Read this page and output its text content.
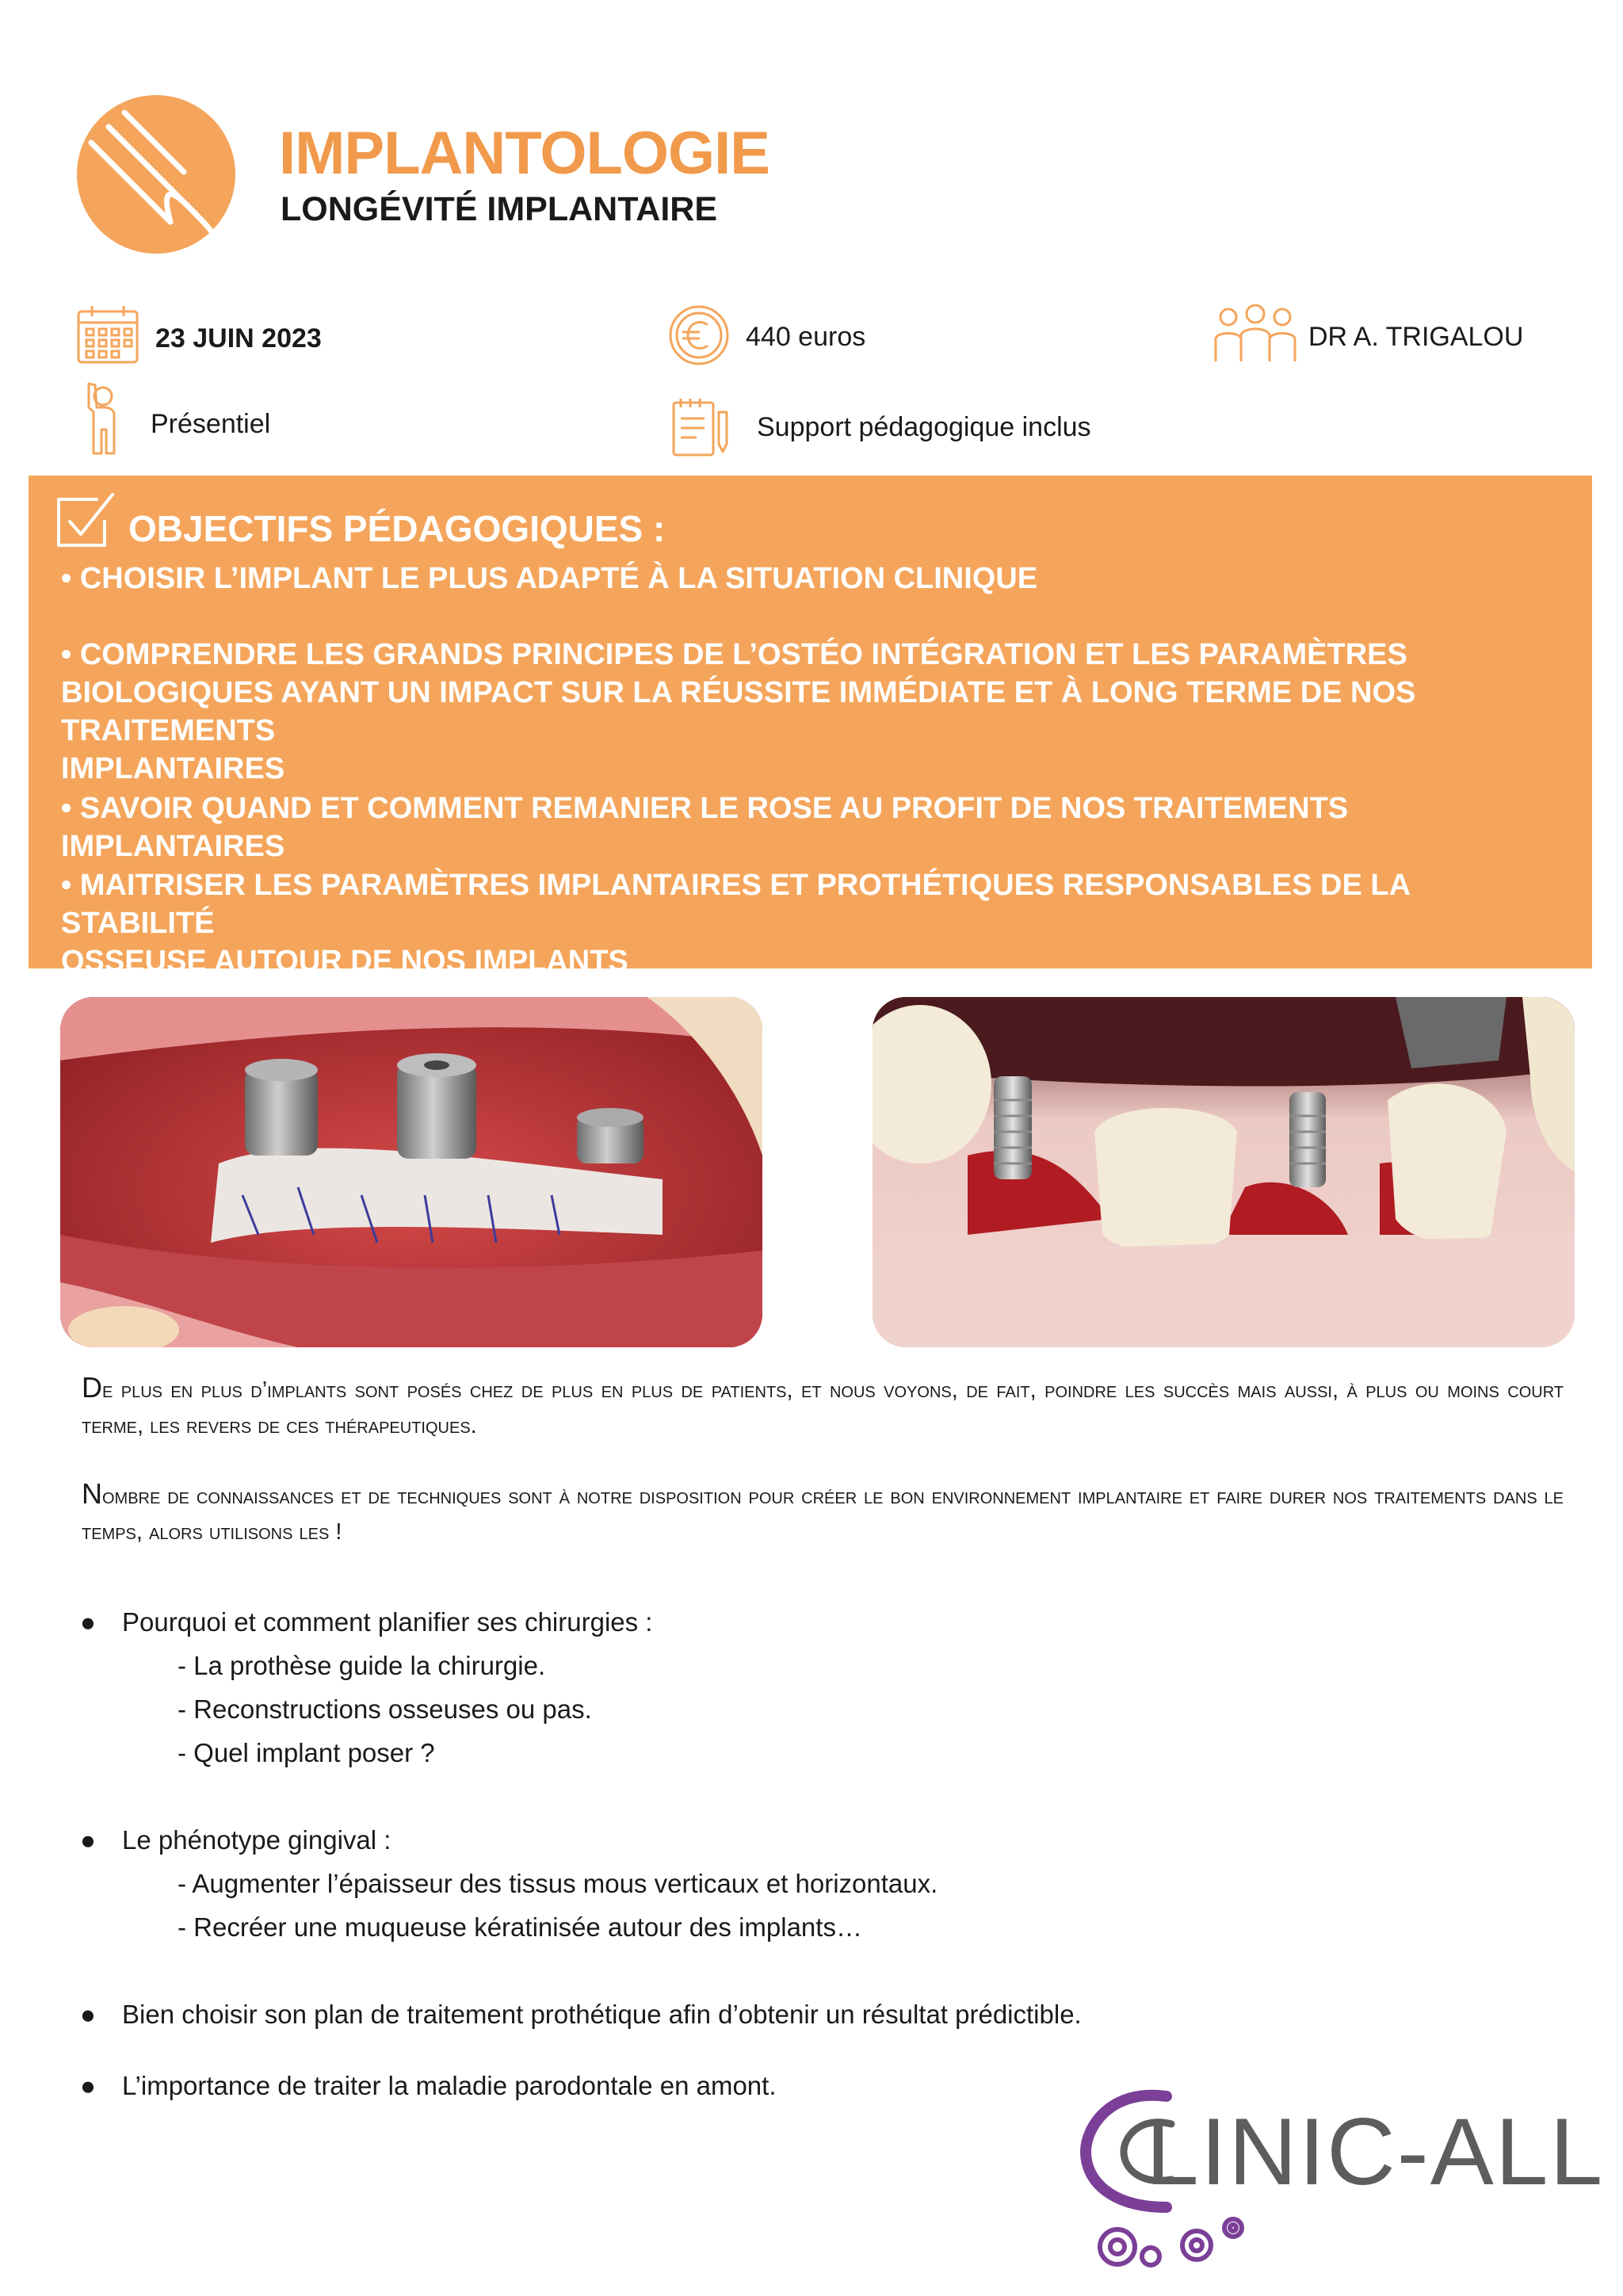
IMPLANTOLOGIE
LONGÉVITÉ IMPLANTAIRE
23 JUIN 2023	440 euros	DR A. TRIGALOU
Présentiel	Support pédagogique inclus
OBJECTIFS PÉDAGOGIQUES :
• CHOISIR L’IMPLANT LE PLUS ADAPTÉ À LA SITUATION CLINIQUE
• COMPRENDRE LES GRANDS PRINCIPES DE L’OSTÉO INTÉGRATION ET LES PARAMÈTRES
BIOLOGIQUES AYANT UN IMPACT SUR LA RÉUSSITE IMMÉDIATE ET À LONG TERME DE NOS TRAITEMENTS
IMPLANTAIRES
• SAVOIR QUAND ET COMMENT REMANIER LE ROSE AU PROFIT DE NOS TRAITEMENTS IMPLANTAIRES
• MAITRISER LES PARAMÈTRES IMPLANTAIRES ET PROTHÉTIQUES RESPONSABLES DE LA STABILITÉ
OSSEUSE AUTOUR DE NOS IMPLANTS
De plus en plus d’implants sont posés chez de plus en plus de patients, et nous voyons, de fait, poindre les succès mais aussi, à plus ou moins court terme, les revers de ces thérapeutiques.
Nombre de connaissances et de techniques sont à notre disposition pour créer le bon environnement implantaire et faire durer nos traitements dans le temps, alors utilisons les !
● Pourquoi et comment planifier ses chirurgies :
- La prothèse guide la chirurgie.
- Reconstructions osseuses ou pas.
- Quel implant poser ?
● Le phénotype gingival :
- Augmenter l’épaisseur des tissus mous verticaux et horizontaux.
- Recréer une muqueuse kératinisée autour des implants…
● Bien choisir son plan de traitement prothétique afin d’obtenir un résultat prédictible.
● L’importance de traiter la maladie parodontale en amont.
LINIC-ALL
